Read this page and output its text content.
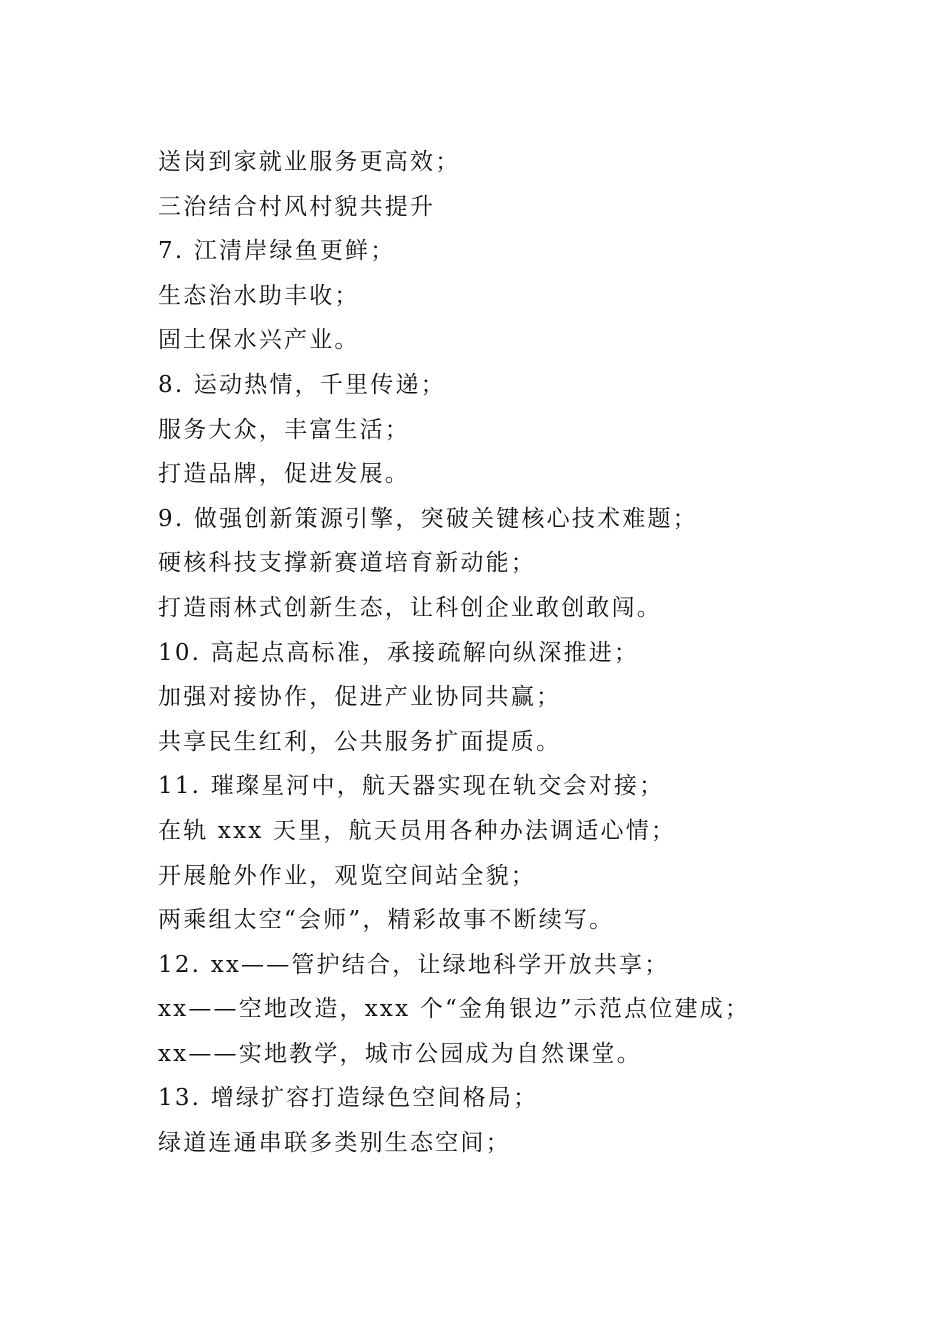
送岗到家就业服务更高效；
三治结合村风村貌共提升
7. 江清岸绿鱼更鲜；
生态治水助丰收；
固土保水兴产业。
8. 运动热情，千里传递；
服务大众，丰富生活；
打造品牌，促进发展。
9. 做强创新策源引擎，突破关键核心技术难题；
硬核科技支撑新赛道培育新动能；
打造雨林式创新生态，让科创企业敢创敢闯。
10. 高起点高标准，承接疏解向纵深推进；
加强对接协作，促进产业协同共赢；
共享民生红利，公共服务扩面提质。
11. 璀璨星河中，航天器实现在轨交会对接；
在轨 xxx 天里，航天员用各种办法调适心情；
开展舱外作业，观览空间站全貌；
两乘组太空“会师”，精彩故事不断续写。
12. xx——管护结合，让绿地科学开放共享；
xx——空地改造，xxx 个“金角银边”示范点位建成；
xx——实地教学，城市公园成为自然课堂。
13. 增绿扩容打造绿色空间格局；
绿道连通串联多类别生态空间；
